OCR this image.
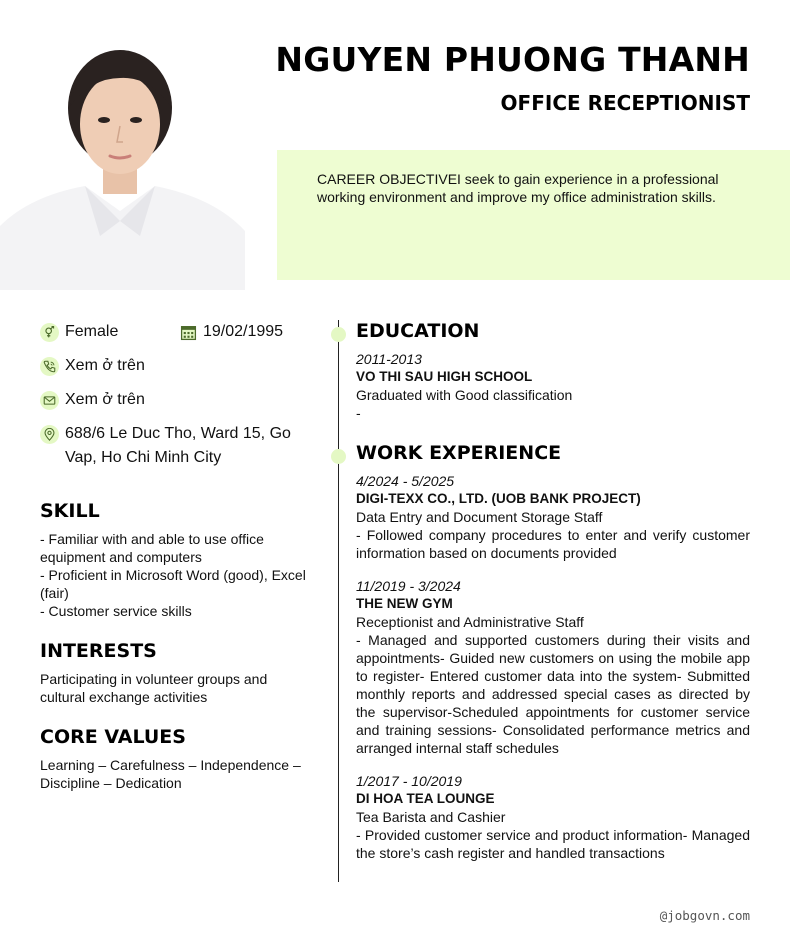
NGUYEN PHUONG THANH
OFFICE RECEPTIONIST
CAREER OBJECTIVEI seek to gain experience in a professional working environment and improve my office administration skills.
Female	19/02/1995
Xem ở trên
Xem ở trên
688/6 Le Duc Tho, Ward 15, Go Vap, Ho Chi Minh City
SKILL
- Familiar with and able to use office equipment and computers
- Proficient in Microsoft Word (good), Excel (fair)
- Customer service skills
INTERESTS
Participating in volunteer groups and cultural exchange activities
CORE VALUES
Learning – Carefulness – Independence – Discipline – Dedication
EDUCATION
2011-2013
VO THI SAU HIGH SCHOOL
Graduated with Good classification
-
WORK EXPERIENCE
4/2024 - 5/2025
DIGI-TEXX CO., LTD. (UOB BANK PROJECT)
Data Entry and Document Storage Staff
- Followed company procedures to enter and verify customer information based on documents provided
11/2019 - 3/2024
THE NEW GYM
Receptionist and Administrative Staff
- Managed and supported customers during their visits and appointments- Guided new customers on using the mobile app to register- Entered customer data into the system- Submitted monthly reports and addressed special cases as directed by the supervisor-Scheduled appointments for customer service and training sessions- Consolidated performance metrics and arranged internal staff schedules
1/2017 - 10/2019
DI HOA TEA LOUNGE
Tea Barista and Cashier
- Provided customer service and product information- Managed the store’s cash register and handled transactions
@jobgovn.com
